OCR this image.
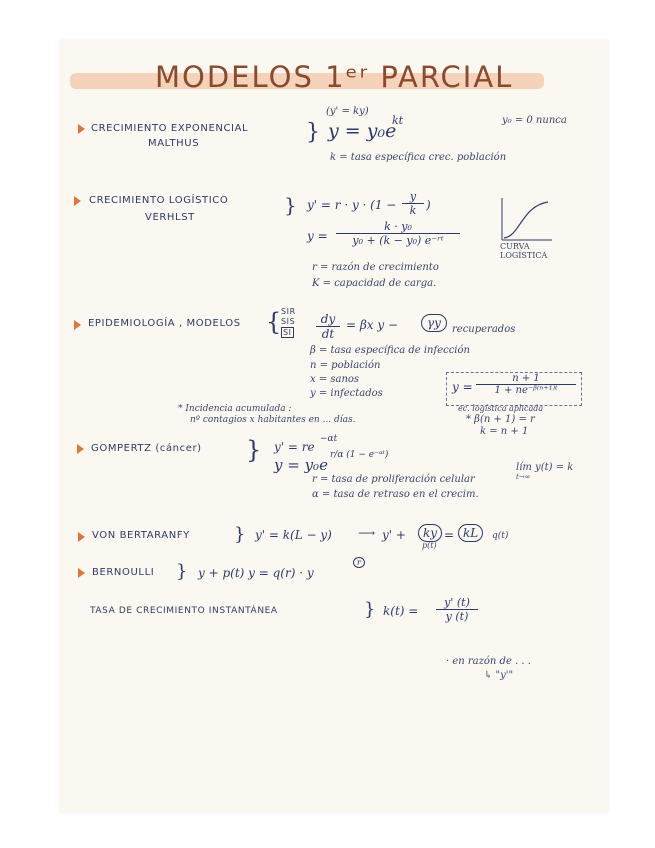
MODELOS 1ᵉʳ PARCIAL
CRECIMIENTO EXPONENCIAL
MALTHUS	}
(y' = ky)
y = y₀e
kt	y₀ = 0 nunca
k = tasa específica crec. población
CRECIMIENTO LOGÍSTICO
VERHLST
} $y' = r \cdot y \cdot (1 - \frac{y}{k}$ )
$y = \frac{\text{k · y₀}}{\text{y₀ + (k − y₀) e⁻ʳᵗ}}$	CURVA
LOGÍSTICA
r = razón de crecimiento
K = capacidad de carga.
EPIDEMIOLOGÍA , MODELOS { SIR
SIS
SI $\frac{dy}{dt} = \beta x$ y −	γy	recuperados
β = tasa específica de infección
n = población
x = sanos
y = infectados	$y = \frac{n + 1}{\text{1 + ne⁻ᵝ⁽ⁿ⁺¹⁾ᵗ}}$
ec. logística aplicada
* Incidencia acumulada :
nº contagios x habitantes en ... días.	* β(n + 1) = r
k = n + 1
GOMPERTZ (cáncer) } y' = re
−αt
y = y₀e
r/α (1 − e⁻ᵅᵗ)
lím y(t) = k
t→∞
r = tasa de proliferación celular
α = tasa de retraso en el crecim.
VON BERTARANFY } y' = k(L − y) ⟶ y' +	ky = kL
p(t)
q(t)
BERNOULLI } y + p(t) y = q(r) · y
r
TASA DE CRECIMIENTO INSTANTÁNEA	} $k(t) = \frac{y' (t)}{y (t)}$
· en razón de . . .
↳ "y'"
